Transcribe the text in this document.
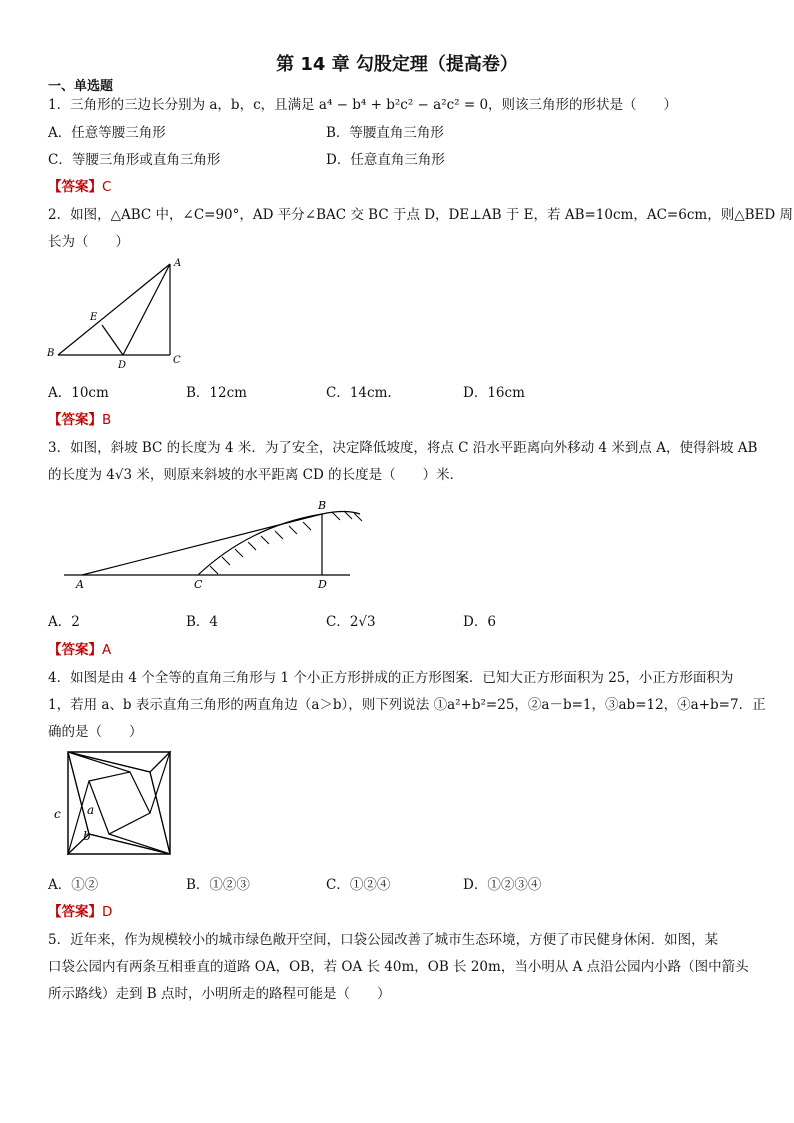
第 14 章 勾股定理（提高卷）
一、单选题
1．三角形的三边长分别为 a，b，c，且满足 a⁴ − b⁴ + b²c² − a²c² = 0，则该三角形的形状是（　　）
A．任意等腰三角形	B．等腰直角三角形
C．等腰三角形或直角三角形	D．任意直角三角形
【答案】C
2．如图，△ABC 中，∠C=90°，AD 平分∠BAC 交 BC 于点 D，DE⊥AB 于 E，若 AB=10cm，AC=6cm，则△BED 周
长为（　　）
A
E
B
D	C
A．10cm	B．12cm	C．14cm.	D．16cm
【答案】B
3．如图，斜坡 BC 的长度为 4 米．为了安全，决定降低坡度，将点 C 沿水平距离向外移动 4 米到点 A，使得斜坡 AB
的长度为 4√3 米，则原来斜坡的水平距离 CD 的长度是（　　）米．
B
A	C	D
A．2	B．4	C．2√3	D．6
【答案】A
4．如图是由 4 个全等的直角三角形与 1 个小正方形拼成的正方形图案．已知大正方形面积为 25，小正方形面积为
1，若用 a、b 表示直角三角形的两直角边（a＞b），则下列说法 ①a²+b²=25，②a－b=1，③ab=12，④a+b=7．正
确的是（　　）
c a
b
A．①②	B．①②③	C．①②④	D．①②③④
【答案】D
5．近年来，作为规模较小的城市绿色敞开空间，口袋公园改善了城市生态环境，方便了市民健身休闲．如图，某
口袋公园内有两条互相垂直的道路 OA，OB，若 OA 长 40m，OB 长 20m，当小明从 A 点沿公园内小路（图中箭头
所示路线）走到 B 点时，小明所走的路程可能是（　　）
